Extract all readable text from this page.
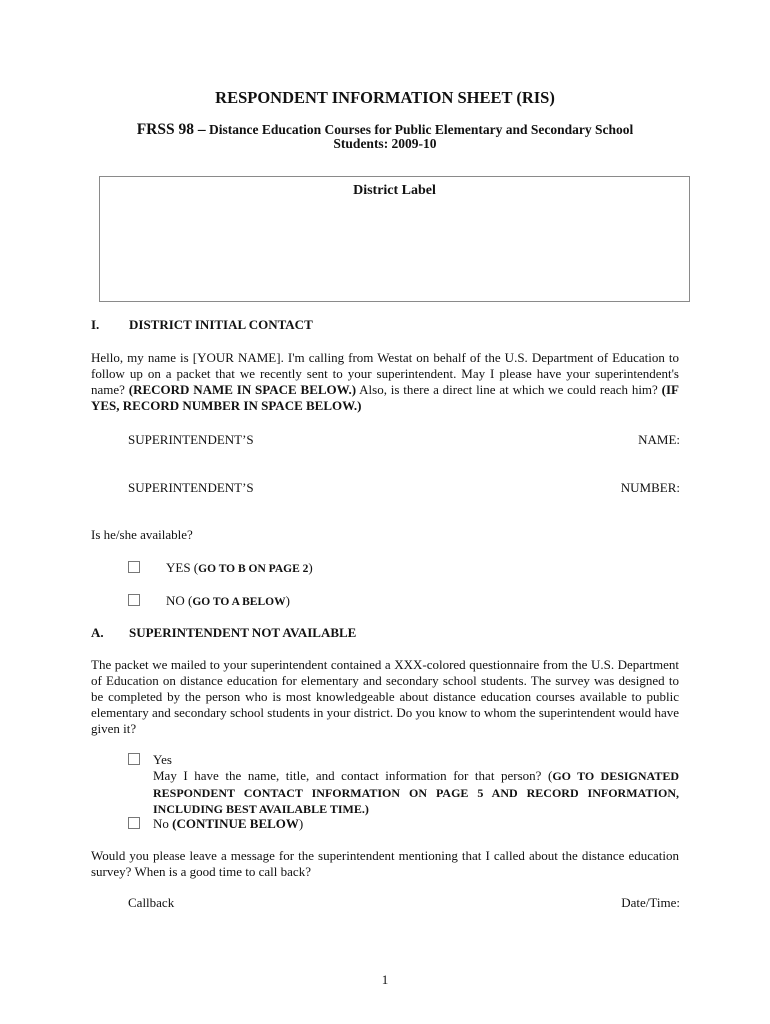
RESPONDENT INFORMATION SHEET (RIS)
FRSS 98 – Distance Education Courses for Public Elementary and Secondary School
Students: 2009-10
District Label
I. DISTRICT INITIAL CONTACT
Hello, my name is [YOUR NAME]. I'm calling from Westat on behalf of the U.S. Department of Education to follow up on a packet that we recently sent to your superintendent. May I please have your superintendent's name? (RECORD NAME IN SPACE BELOW.) Also, is there a direct line at which we could reach him? (IF YES, RECORD NUMBER IN SPACE BELOW.)
SUPERINTENDENT’S	NAME:
SUPERINTENDENT’S	NUMBER:
Is he/she available?
YES (GO TO B ON PAGE 2)
NO (GO TO A BELOW)
A. SUPERINTENDENT NOT AVAILABLE
The packet we mailed to your superintendent contained a XXX-colored questionnaire from the U.S. Department of Education on distance education for elementary and secondary school students. The survey was designed to be completed by the person who is most knowledgeable about distance education courses available to public elementary and secondary school students in your district. Do you know to whom the superintendent would have given it?
Yes
May I have the name, title, and contact information for that person? (GO TO DESIGNATED RESPONDENT CONTACT INFORMATION ON PAGE 5 AND RECORD INFORMATION, INCLUDING BEST AVAILABLE TIME.)
No (CONTINUE BELOW)
Would you please leave a message for the superintendent mentioning that I called about the distance education survey? When is a good time to call back?
Callback	Date/Time:
1
